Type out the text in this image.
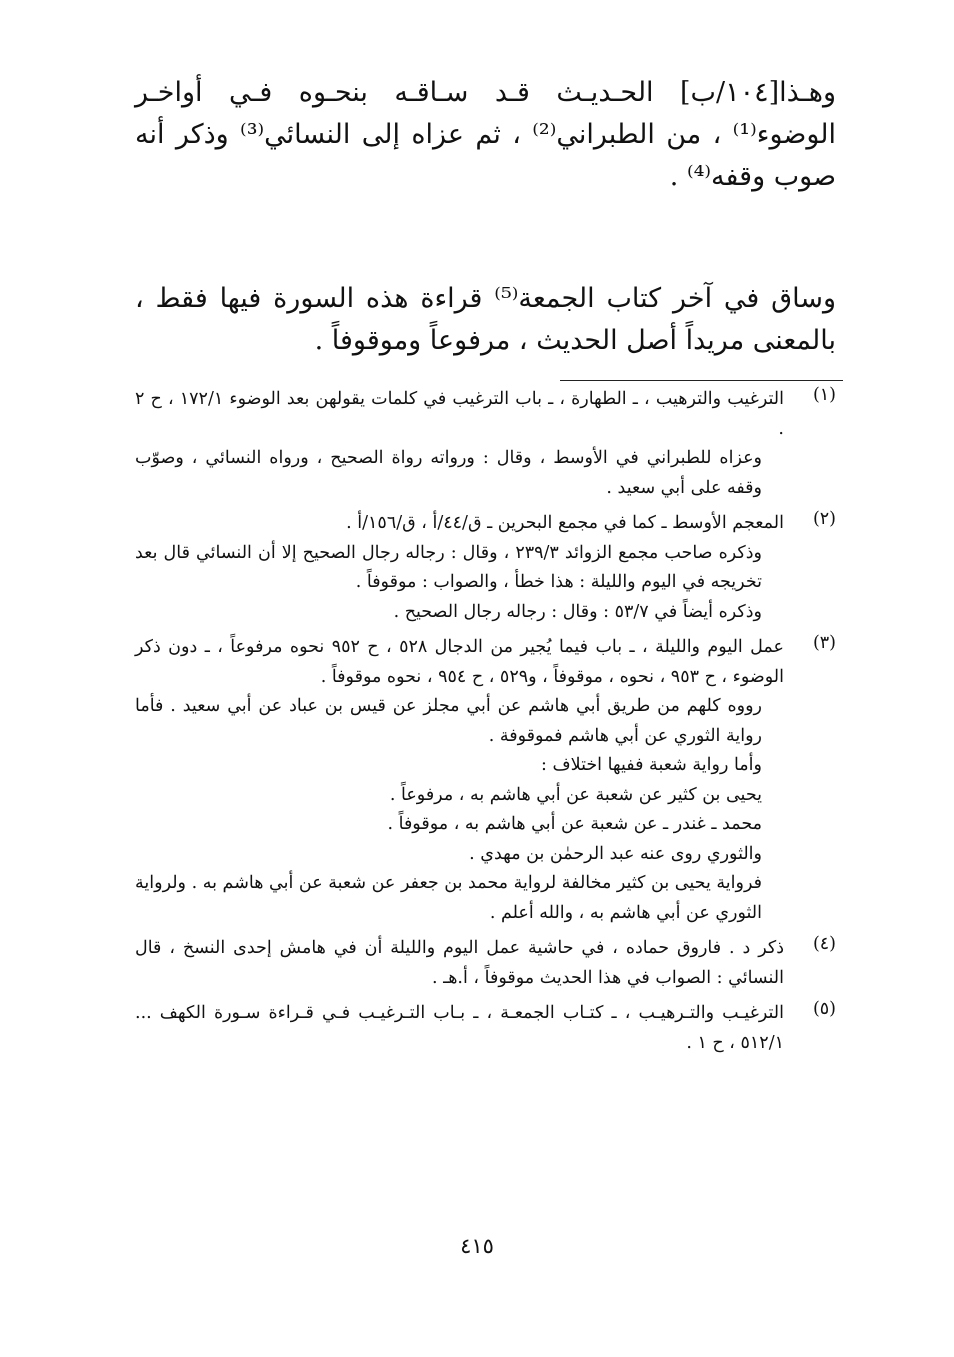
وهـذا[١٠٤/ب] الحـديـث قـد سـاقـه بنحـوه فـي أواخـر الوضوء⁽¹⁾ ، من الطبراني⁽²⁾ ، ثم عزاه إلى النسائي⁽³⁾ وذكر أنه صوب وقفه⁽⁴⁾ .

وساق في آخر كتاب الجمعة⁽⁵⁾ قراءة هذه السورة فيها فقط ، بالمعنى مريداً أصل الحديث ، مرفوعاً وموقوفاً .

(١)

الترغيب والترهيب ، ـ الطهارة ، ـ باب الترغيب في كلمات يقولهن بعد الوضوء ١٧٢/١ ، ح ٢ .

وعزاه للطبراني في الأوسط ، وقال : ورواته رواة الصحيح ، ورواه النسائي ، وصوّب وقفه على أبي سعيد .

(٢)

المعجم الأوسط ـ كما في مجمع البحرين ـ ق/٤٤/أ ، ق/١٥٦/أ .

وذكره صاحب مجمع الزوائد ٢٣٩/٣ ، وقال : رجاله رجال الصحيح إلا أن النسائي قال بعد تخريجه في اليوم والليلة : هذا خطأ ، والصواب : موقوفاً .

وذكره أيضاً في ٥٣/٧ : وقال : رجاله رجال الصحيح .

(٣)

عمل اليوم والليلة ، ـ باب فيما يُجير من الدجال ٥٢٨ ، ح ٩٥٢ نحوه مرفوعاً ، ـ دون ذكر الوضوء ، ح ٩٥٣ ، نحوه ، موقوفاً ، و٥٢٩ ، ح ٩٥٤ ، نحوه موقوفاً .

رووه كلهم من طريق أبي هاشم عن أبي مجلز عن قيس بن عباد عن أبي سعيد . فأما رواية الثوري عن أبي هاشم فموقوفة .

وأما رواية شعبة ففيها اختلاف :

يحيى بن كثير عن شعبة عن أبي هاشم به ، مرفوعاً .

محمد ـ غندر ـ عن شعبة عن أبي هاشم به ، موقوفاً .

والثوري روى عنه عبد الرحمٰن بن مهدي .

فرواية يحيى بن كثير مخالفة لرواية محمد بن جعفر عن شعبة عن أبي هاشم به . ولرواية الثوري عن أبي هاشم به ، والله أعلم .

(٤)

ذكر د . فاروق حماده ، في حاشية عمل اليوم والليلة أن في هامش إحدى النسخ ، قال النسائي : الصواب في هذا الحديث موقوفاً ، أ.هـ .

(٥)

الترغيـب والتـرهيـب ، ـ كتـاب الجمعـة ، ـ بـاب التـرغيـب فـي قـراءة سـورة الكهف ... ٥١٢/١ ، ح ١ .

٤١٥
